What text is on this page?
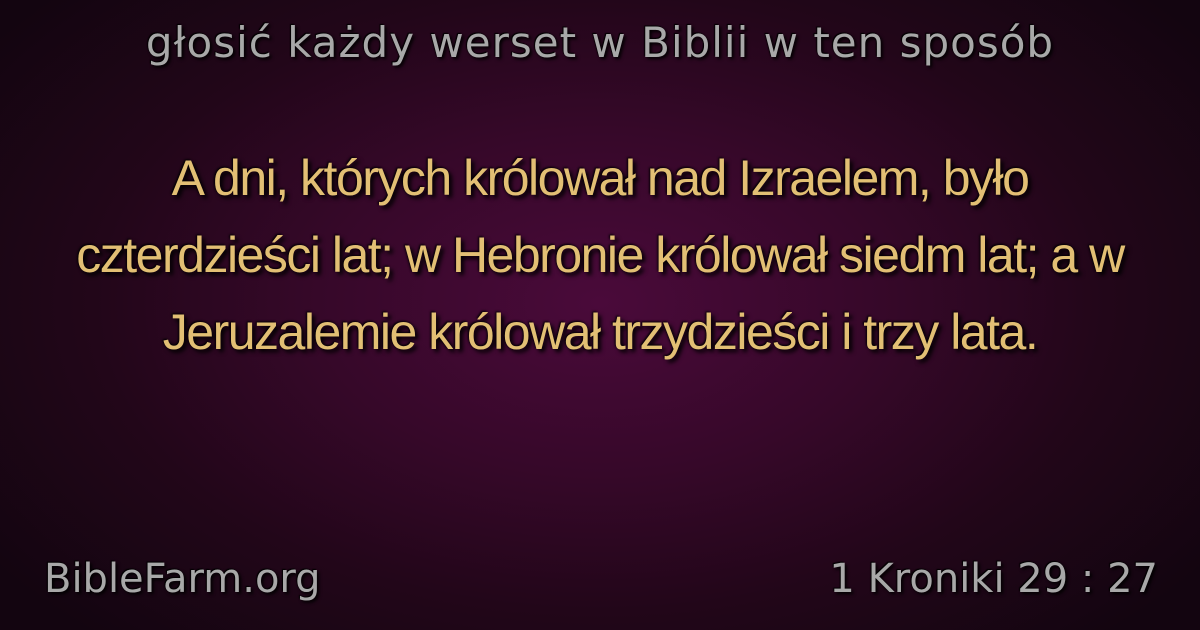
głosić każdy werset w Biblii w ten sposób
A dni, których królował nad Izraelem, było czterdzieści lat; w Hebronie królował siedm lat; a w Jeruzalemie królował trzydzieści i trzy lata.
BibleFarm.org	1 Kroniki 29 : 27
